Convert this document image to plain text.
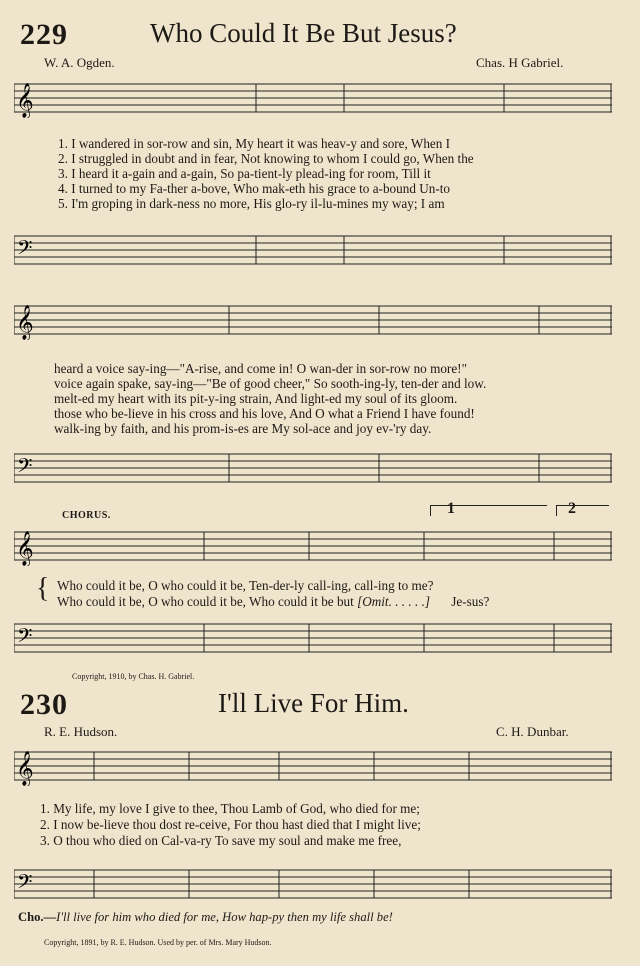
229	Who Could It Be But Jesus?
W. A. Ogden.	Chas. H Gabriel.
𝄞
1. I wandered in sor-row and sin, My heart it was heav-y and sore, When I
2. I struggled in doubt and in fear, Not knowing to whom I could go, When the
3. I heard it a-gain and a-gain, So pa-tient-ly plead-ing for room, Till it
4. I turned to my Fa-ther a-bove, Who mak-eth his grace to a-bound Un-to
5. I'm groping in dark-ness no more, His glo-ry il-lu-mines my way; I am
𝄢
𝄞
heard a voice say-ing—"A-rise, and come in! O wan-der in sor-row no more!"
voice again spake, say-ing—"Be of good cheer," So sooth-ing-ly, ten-der and low.
melt-ed my heart with its pit-y-ing strain, And light-ed my soul of its gloom.
those who be-lieve in his cross and his love, And O what a Friend I have found!
walk-ing by faith, and his prom-is-es are My sol-ace and joy ev-'ry day.
𝄢
CHORUS.	1	2
𝄞
{ Who could it be, O who could it be, Ten-der-ly call-ing, call-ing to me?
Who could it be, O who could it be, Who could it be but [Omit. . . . . .] Je-sus?
𝄢
Copyright, 1910, by Chas. H. Gabriel.
230	I'll Live For Him.
R. E. Hudson.	C. H. Dunbar.
𝄞
1. My life, my love I give to thee, Thou Lamb of God, who died for me;
2. I now be-lieve thou dost re-ceive, For thou hast died that I might live;
3. O thou who died on Cal-va-ry To save my soul and make me free,
𝄢
Cho.—I'll live for him who died for me, How hap-py then my life shall be!
Copyright, 1891, by R. E. Hudson. Used by per. of Mrs. Mary Hudson.
